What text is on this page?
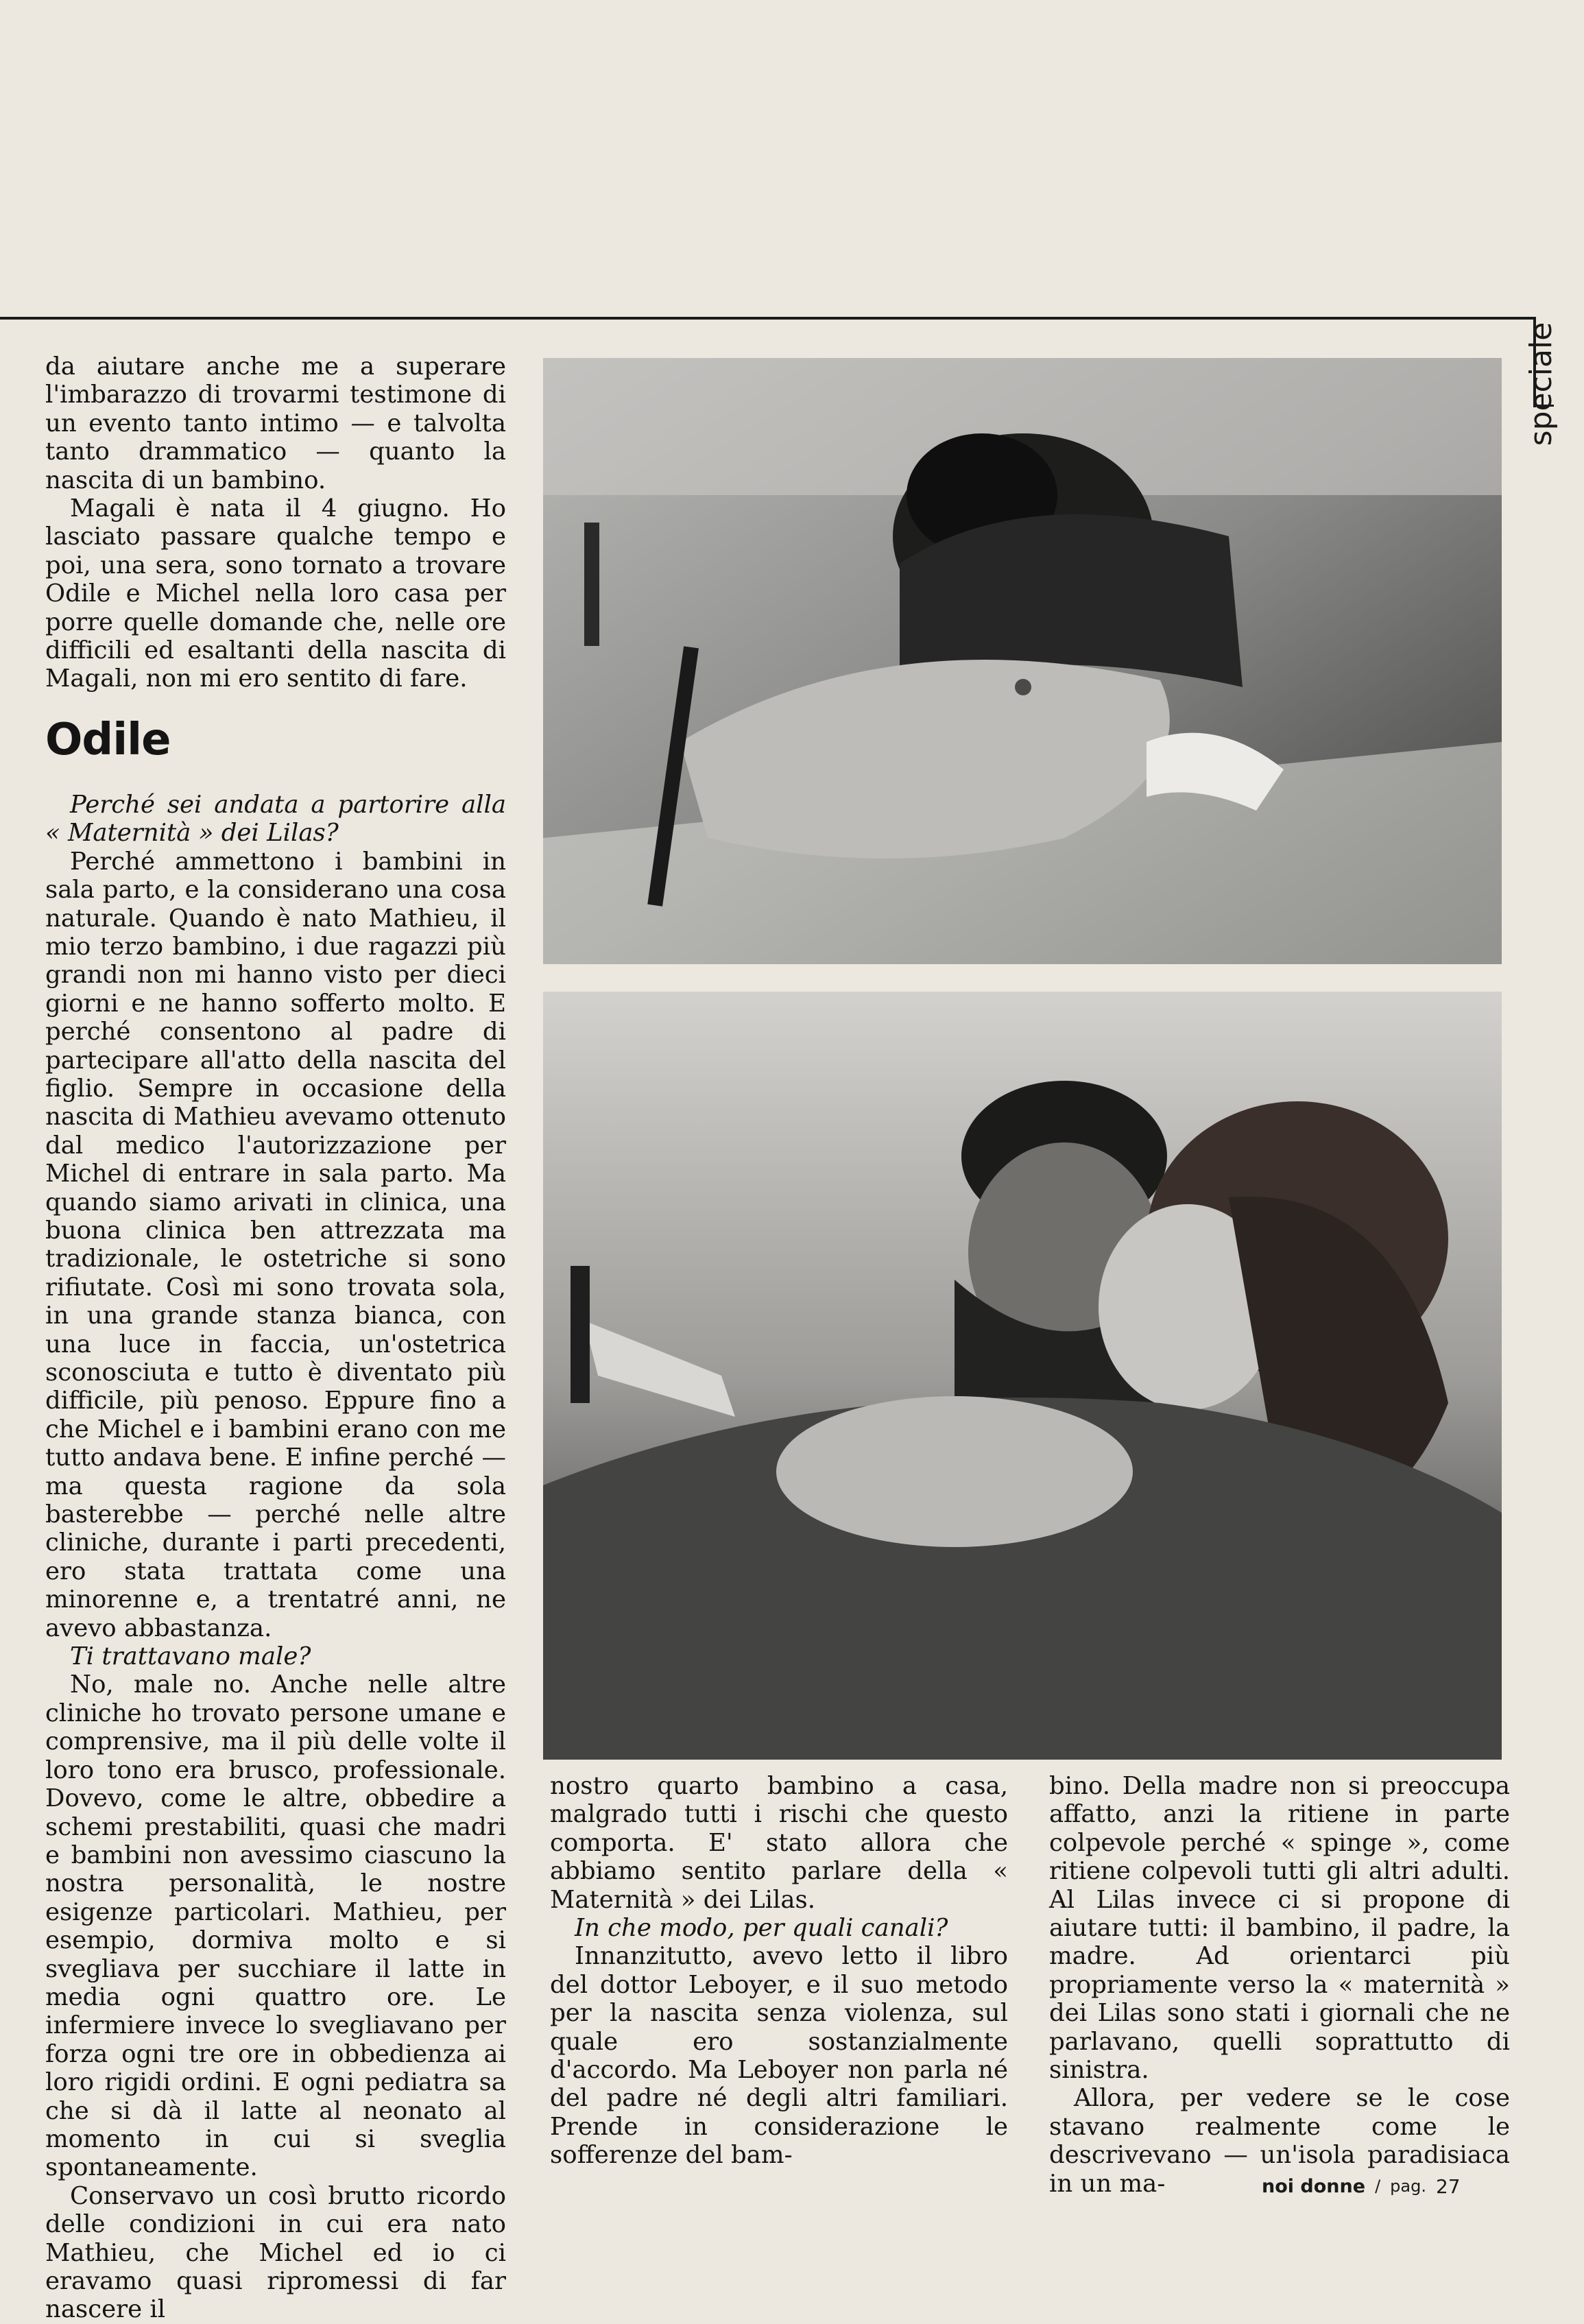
speciale

da aiutare anche me a superare l'imbarazzo di trovarmi testimone di un evento tanto intimo — e talvolta tanto drammatico — quanto la nascita di un bambino.

Magali è nata il 4 giugno. Ho lasciato passare qualche tempo e poi, una sera, sono tornato a trovare Odile e Michel nella loro casa per porre quelle domande che, nelle ore difficili ed esaltanti della nascita di Magali, non mi ero sentito di fare.

Odile

Perché sei andata a partorire alla « Maternità » dei Lilas?

Perché ammettono i bambini in sala parto, e la considerano una cosa naturale. Quando è nato Mathieu, il mio terzo bambino, i due ragazzi più grandi non mi hanno visto per dieci giorni e ne hanno sofferto molto. E perché consentono al padre di partecipare all'atto della nascita del figlio. Sempre in occasione della nascita di Mathieu avevamo ottenuto dal medico l'autorizzazione per Michel di entrare in sala parto. Ma quando siamo arivati in clinica, una buona clinica ben attrezzata ma tradizionale, le ostetriche si sono rifiutate. Così mi sono trovata sola, in una grande stanza bianca, con una luce in faccia, un'ostetrica sconosciuta e tutto è diventato più difficile, più penoso. Eppure fino a che Michel e i bambini erano con me tutto andava bene. E infine perché — ma questa ragione da sola basterebbe — perché nelle altre cliniche, durante i parti precedenti, ero stata trattata come una minorenne e, a trentatré anni, ne avevo abbastanza.

Ti trattavano male?

No, male no. Anche nelle altre cliniche ho trovato persone umane e comprensive, ma il più delle volte il loro tono era brusco, professionale. Dovevo, come le altre, obbedire a schemi prestabiliti, quasi che madri e bambini non avessimo ciascuno la nostra personalità, le nostre esigenze particolari. Mathieu, per esempio, dormiva molto e si svegliava per succhiare il latte in media ogni quattro ore. Le infermiere invece lo svegliavano per forza ogni tre ore in obbedienza ai loro rigidi ordini. E ogni pediatra sa che si dà il latte al neonato al momento in cui si sveglia spontaneamente.

Conservavo un così brutto ricordo delle condizioni in cui era nato Mathieu, che Michel ed io ci eravamo quasi ripromessi di far nascere il

nostro quarto bambino a casa, malgrado tutti i rischi che questo comporta. E' stato allora che abbiamo sentito parlare della « Maternità » dei Lilas.

In che modo, per quali canali?

Innanzitutto, avevo letto il libro del dottor Leboyer, e il suo metodo per la nascita senza violenza, sul quale ero sostanzialmente d'accordo. Ma Leboyer non parla né del padre né degli altri familiari. Prende in considerazione le sofferenze del bam-

bino. Della madre non si preoccupa affatto, anzi la ritiene in parte colpevole perché « spinge », come ritiene colpevoli tutti gli altri adulti. Al Lilas invece ci si propone di aiutare tutti: il bambino, il padre, la madre. Ad orientarci più propriamente verso la « maternità » dei Lilas sono stati i giornali che ne parlavano, quelli soprattutto di sinistra.

Allora, per vedere se le cose stavano realmente come le descrivevano — un'isola paradisiaca in un ma-	noi donne / pag. 27
